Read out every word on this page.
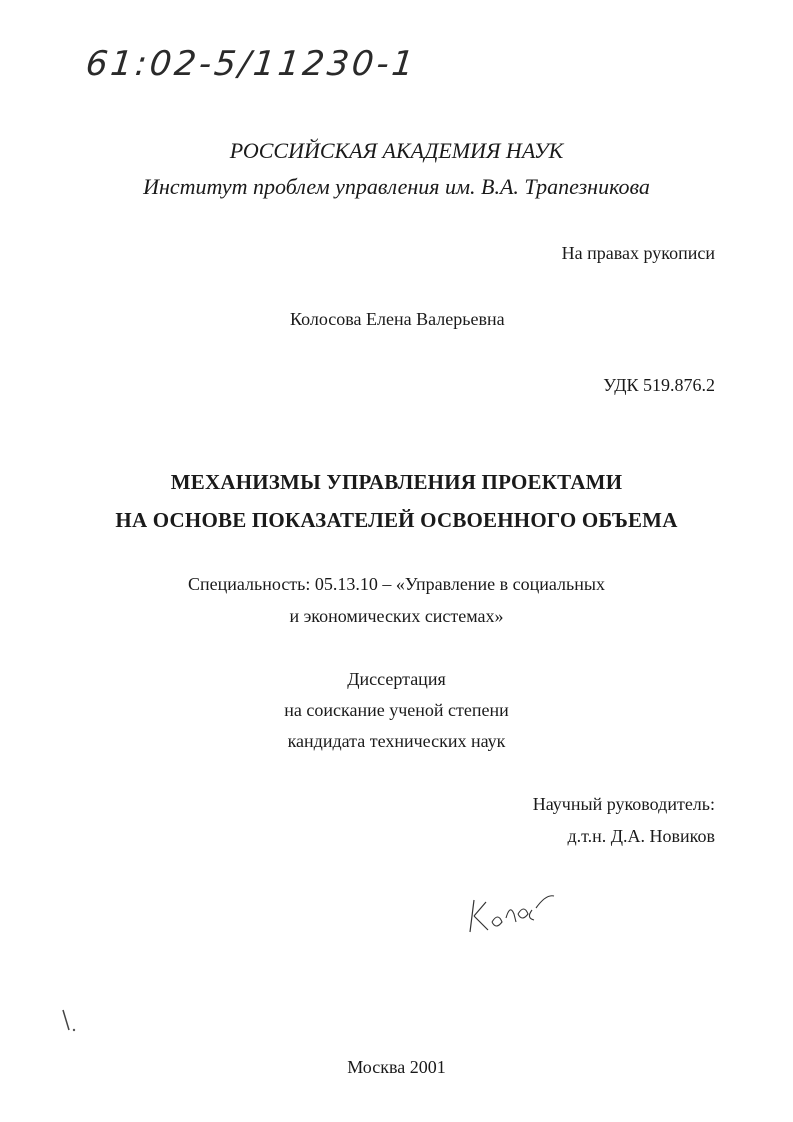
61:02-5/11230-1
РОССИЙСКАЯ АКАДЕМИЯ НАУК
Институт проблем управления им. В.А. Трапезникова
На правах рукописи
Колосова Елена Валерьевна
УДК 519.876.2
МЕХАНИЗМЫ УПРАВЛЕНИЯ ПРОЕКТАМИ
НА ОСНОВЕ ПОКАЗАТЕЛЕЙ ОСВОЕННОГО ОБЪЕМА
Специальность: 05.13.10 – «Управление в социальных
и экономических системах»
Диссертация
на соискание ученой степени
кандидата технических наук
Научный руководитель:
д.т.н. Д.А. Новиков
Москва 2001
